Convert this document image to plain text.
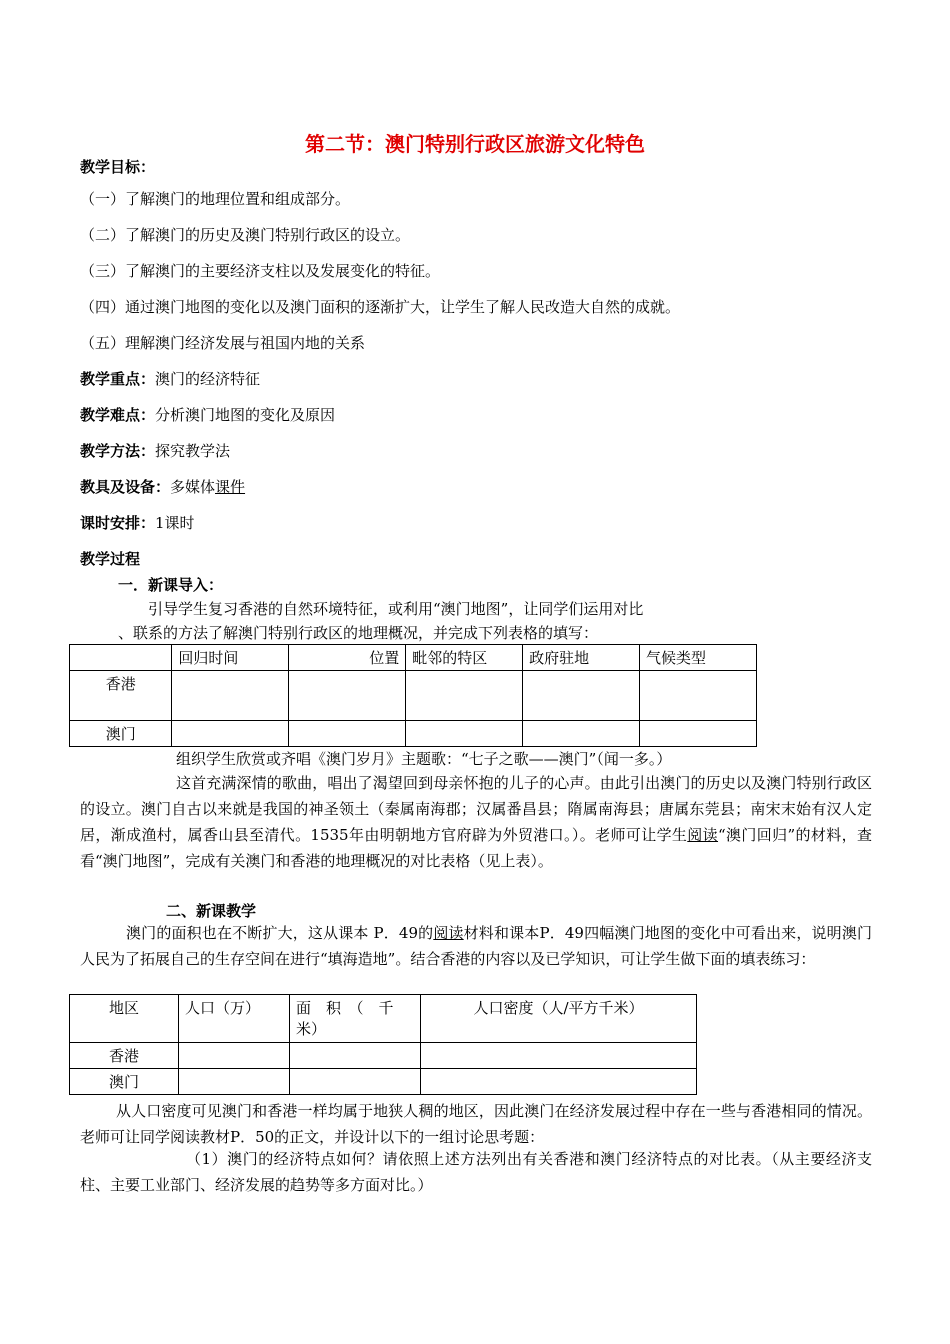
第二节：澳门特别行政区旅游文化特色
教学目标：
（一）了解澳门的地理位置和组成部分。
（二）了解澳门的历史及澳门特别行政区的设立。
（三）了解澳门的主要经济支柱以及发展变化的特征。
（四）通过澳门地图的变化以及澳门面积的逐渐扩大，让学生了解人民改造大自然的成就。
（五）理解澳门经济发展与祖国内地的关系
教学重点：澳门的经济特征
教学难点：分析澳门地图的变化及原因
教学方法：探究教学法
教具及设备：多媒体课件
课时安排：1课时
教学过程
一．新课导入：
引导学生复习香港的自然环境特征，或利用“澳门地图”，让同学们运用对比
、联系的方法了解澳门特别行政区的地理概况，并完成下列表格的填写：
	回归时间	位置	毗邻的特区	政府驻地	气候类型
香港					
澳门					
组织学生欣赏或齐唱《澳门岁月》主题歌：“七子之歌——澳门”（闻一多。）
这首充满深情的歌曲，唱出了渴望回到母亲怀抱的儿子的心声。由此引出澳门的历史以及澳门特别行政区的设立。澳门自古以来就是我国的神圣领土（秦属南海郡；汉属番昌县；隋属南海县；唐属东莞县；南宋末始有汉人定居，渐成渔村，属香山县至清代。1535年由明朝地方官府辟为外贸港口。）。老师可让学生阅读“澳门回归”的材料，查看“澳门地图”，完成有关澳门和香港的地理概况的对比表格（见上表）。
二、新课教学
澳门的面积也在不断扩大，这从课本 P．49的阅读材料和课本P．49四幅澳门地图的变化中可看出来，说明澳门人民为了拓展自己的生存空间在进行“填海造地”。结合香港的内容以及已学知识，可让学生做下面的填表练习：
地区	人口（万）	面　积　（　千米）	人口密度（人/平方千米）
香港			
澳门			
从人口密度可见澳门和香港一样均属于地狭人稠的地区，因此澳门在经济发展过程中存在一些与香港相同的情况。老师可让同学阅读教材P．50的正文，并设计以下的一组讨论思考题：
（1）澳门的经济特点如何？请依照上述方法列出有关香港和澳门经济特点的对比表。（从主要经济支柱、主要工业部门、经济发展的趋势等多方面对比。）
